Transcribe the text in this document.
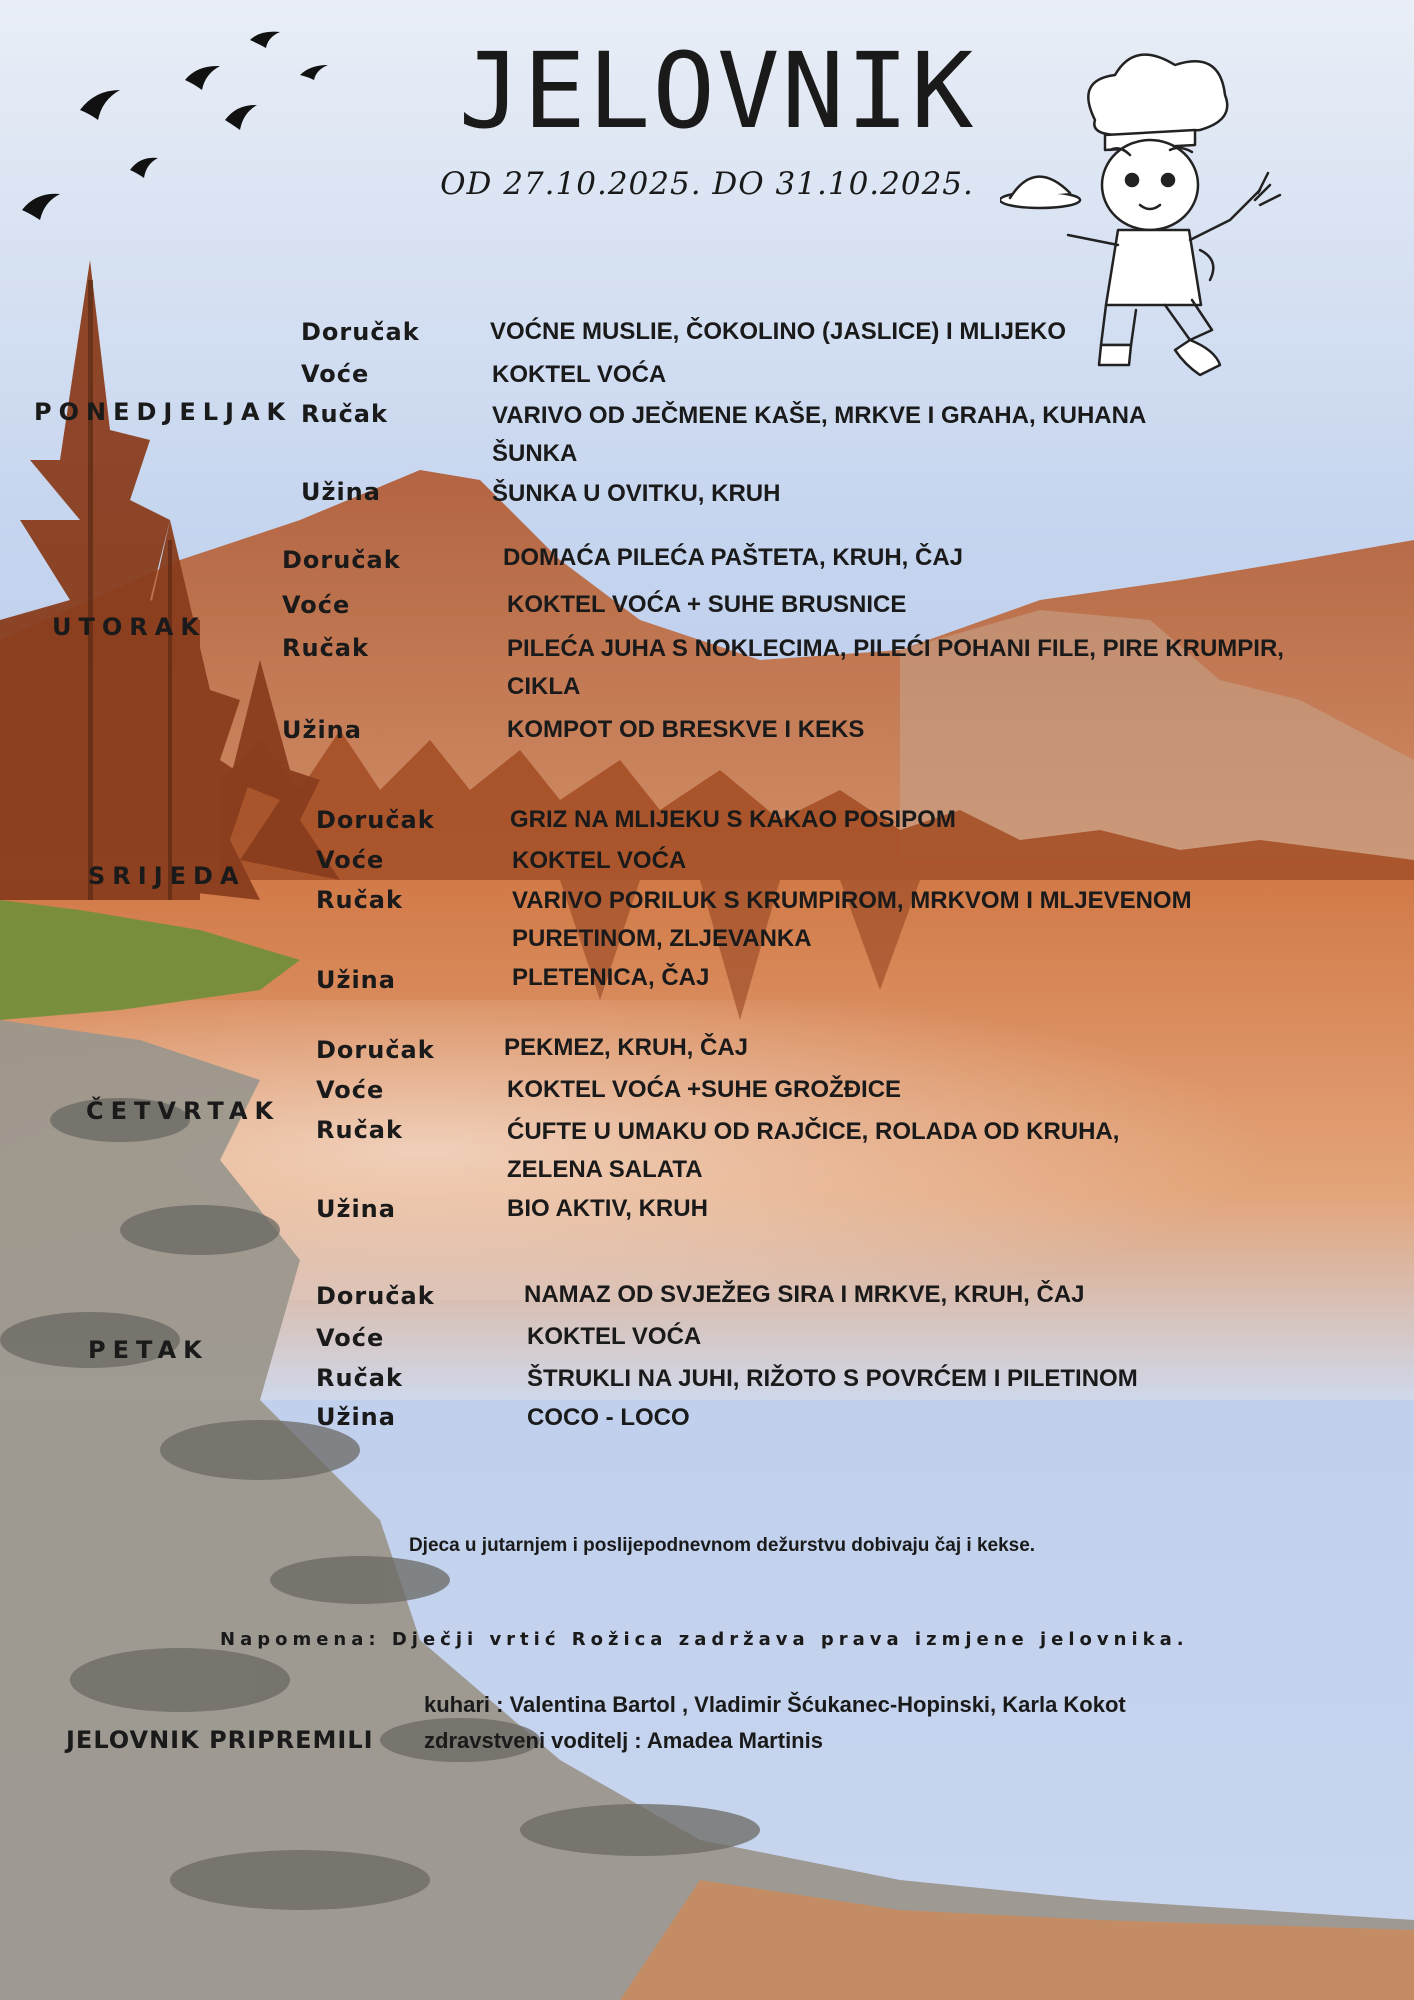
JELOVNIK
OD 27.10.2025. DO 31.10.2025.
PONEDJELJAK
Doručak	VOĆNE MUSLIE, ČOKOLINO (JASLICE) I MLIJEKO
Voće	KOKTEL VOĆA
Ručak	VARIVO OD JEČMENE KAŠE, MRKVE I GRAHA, KUHANA ŠUNKA
Užina	ŠUNKA U OVITKU, KRUH
UTORAK
Doručak	DOMAĆA PILEĆA PAŠTETA, KRUH, ČAJ
Voće	KOKTEL VOĆA + SUHE BRUSNICE
Ručak	PILEĆA JUHA S NOKLECIMA, PILEĆI POHANI FILE, PIRE KRUMPIR, CIKLA
Užina	KOMPOT OD BRESKVE I KEKS
SRIJEDA
Doručak	GRIZ NA MLIJEKU S KAKAO POSIPOM
Voće	KOKTEL VOĆA
Ručak	VARIVO PORILUK S KRUMPIROM, MRKVOM I MLJEVENOM PURETINOM, ZLJEVANKA
Užina	PLETENICA, ČAJ
ČETVRTAK
Doručak	PEKMEZ, KRUH, ČAJ
Voće	KOKTEL VOĆA +SUHE GROŽĐICE
Ručak	ĆUFTE U UMAKU OD RAJČICE, ROLADA OD KRUHA, ZELENA SALATA
Užina	BIO AKTIV, KRUH
PETAK
Doručak	NAMAZ OD SVJEŽEG SIRA I MRKVE, KRUH, ČAJ
Voće	KOKTEL VOĆA
Ručak	ŠTRUKLI NA JUHI, RIŽOTO S POVRĆEM I PILETINOM
Užina	COCO - LOCO
Djeca u jutarnjem i poslijepodnevnom dežurstvu dobivaju čaj i kekse.
Napomena: Dječji vrtić Rožica zadržava prava izmjene jelovnika.
JELOVNIK PRIPREMILI
kuhari : Valentina Bartol , Vladimir Šćukanec-Hopinski, Karla Kokot
zdravstveni voditelj : Amadea Martinis
